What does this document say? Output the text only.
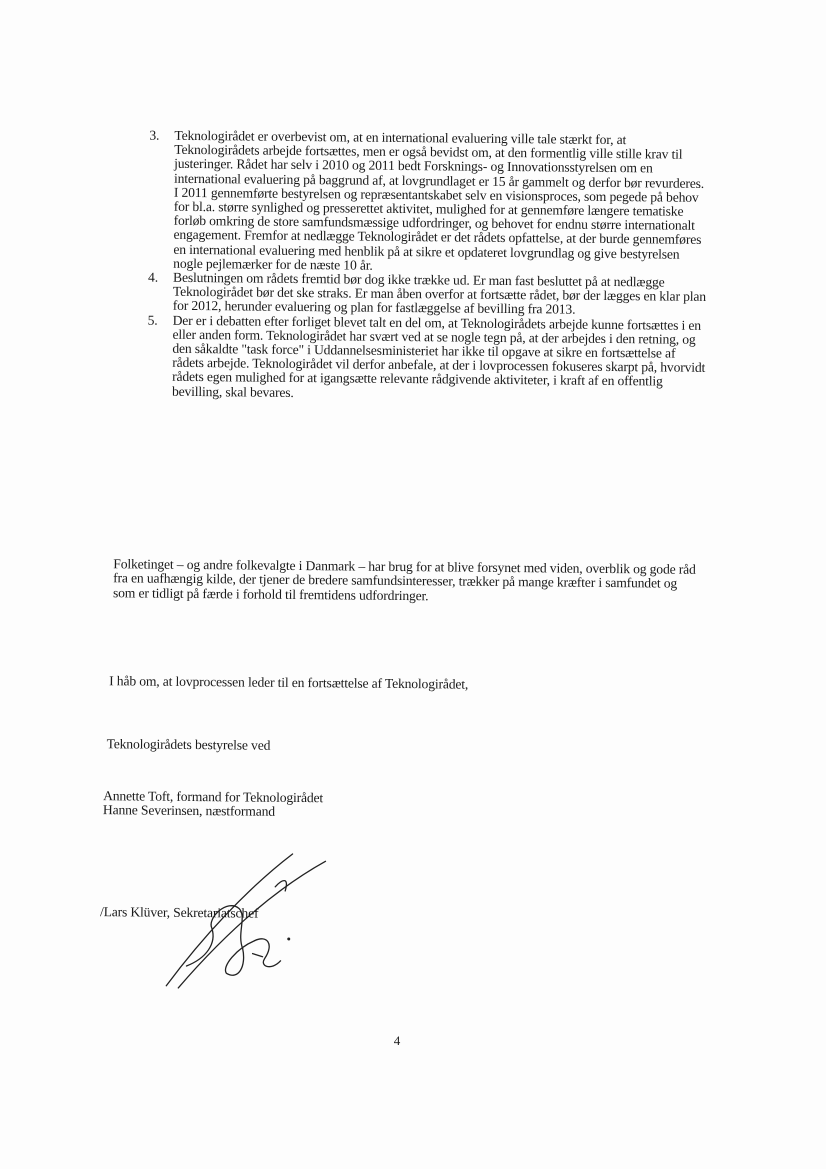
3. Teknologirådet er overbevist om, at en international evaluering ville tale stærkt for, at Teknologirådets arbejde fortsættes, men er også bevidst om, at den formentlig ville stille krav til justeringer. Rådet har selv i 2010 og 2011 bedt Forsknings- og Innovationsstyrelsen om en international evaluering på baggrund af, at lovgrundlaget er 15 år gammelt og derfor bør revurderes. I 2011 gennemførte bestyrelsen og repræsentantskabet selv en visionsproces, som pegede på behov for bl.a. større synlighed og presserettet aktivitet, mulighed for at gennemføre længere tematiske forløb omkring de store samfundsmæssige udfordringer, og behovet for endnu større internationalt engagement. Fremfor at nedlægge Teknologirådet er det rådets opfattelse, at der burde gennemføres en international evaluering med henblik på at sikre et opdateret lovgrundlag og give bestyrelsen nogle pejlemærker for de næste 10 år.
4. Beslutningen om rådets fremtid bør dog ikke trække ud. Er man fast besluttet på at nedlægge Teknologirådet bør det ske straks. Er man åben overfor at fortsætte rådet, bør der lægges en klar plan for 2012, herunder evaluering og plan for fastlæggelse af bevilling fra 2013.
5. Der er i debatten efter forliget blevet talt en del om, at Teknologirådets arbejde kunne fortsættes i en eller anden form. Teknologirådet har svært ved at se nogle tegn på, at der arbejdes i den retning, og den såkaldte "task force" i Uddannelsesministeriet har ikke til opgave at sikre en fortsættelse af rådets arbejde. Teknologirådet vil derfor anbefale, at der i lovprocessen fokuseres skarpt på, hvorvidt rådets egen mulighed for at igangsætte relevante rådgivende aktiviteter, i kraft af en offentlig bevilling, skal bevares.

Folketinget – og andre folkevalgte i Danmark – har brug for at blive forsynet med viden, overblik og gode råd fra en uafhængig kilde, der tjener de bredere samfundsinteresser, trækker på mange kræfter i samfundet og som er tidligt på færde i forhold til fremtidens udfordringer.

I håb om, at lovprocessen leder til en fortsættelse af Teknologirådet,

Teknologirådets bestyrelse ved

Annette Toft, formand for Teknologirådet
Hanne Severinsen, næstformand

/Lars Klüver, Sekretariatschef

4
